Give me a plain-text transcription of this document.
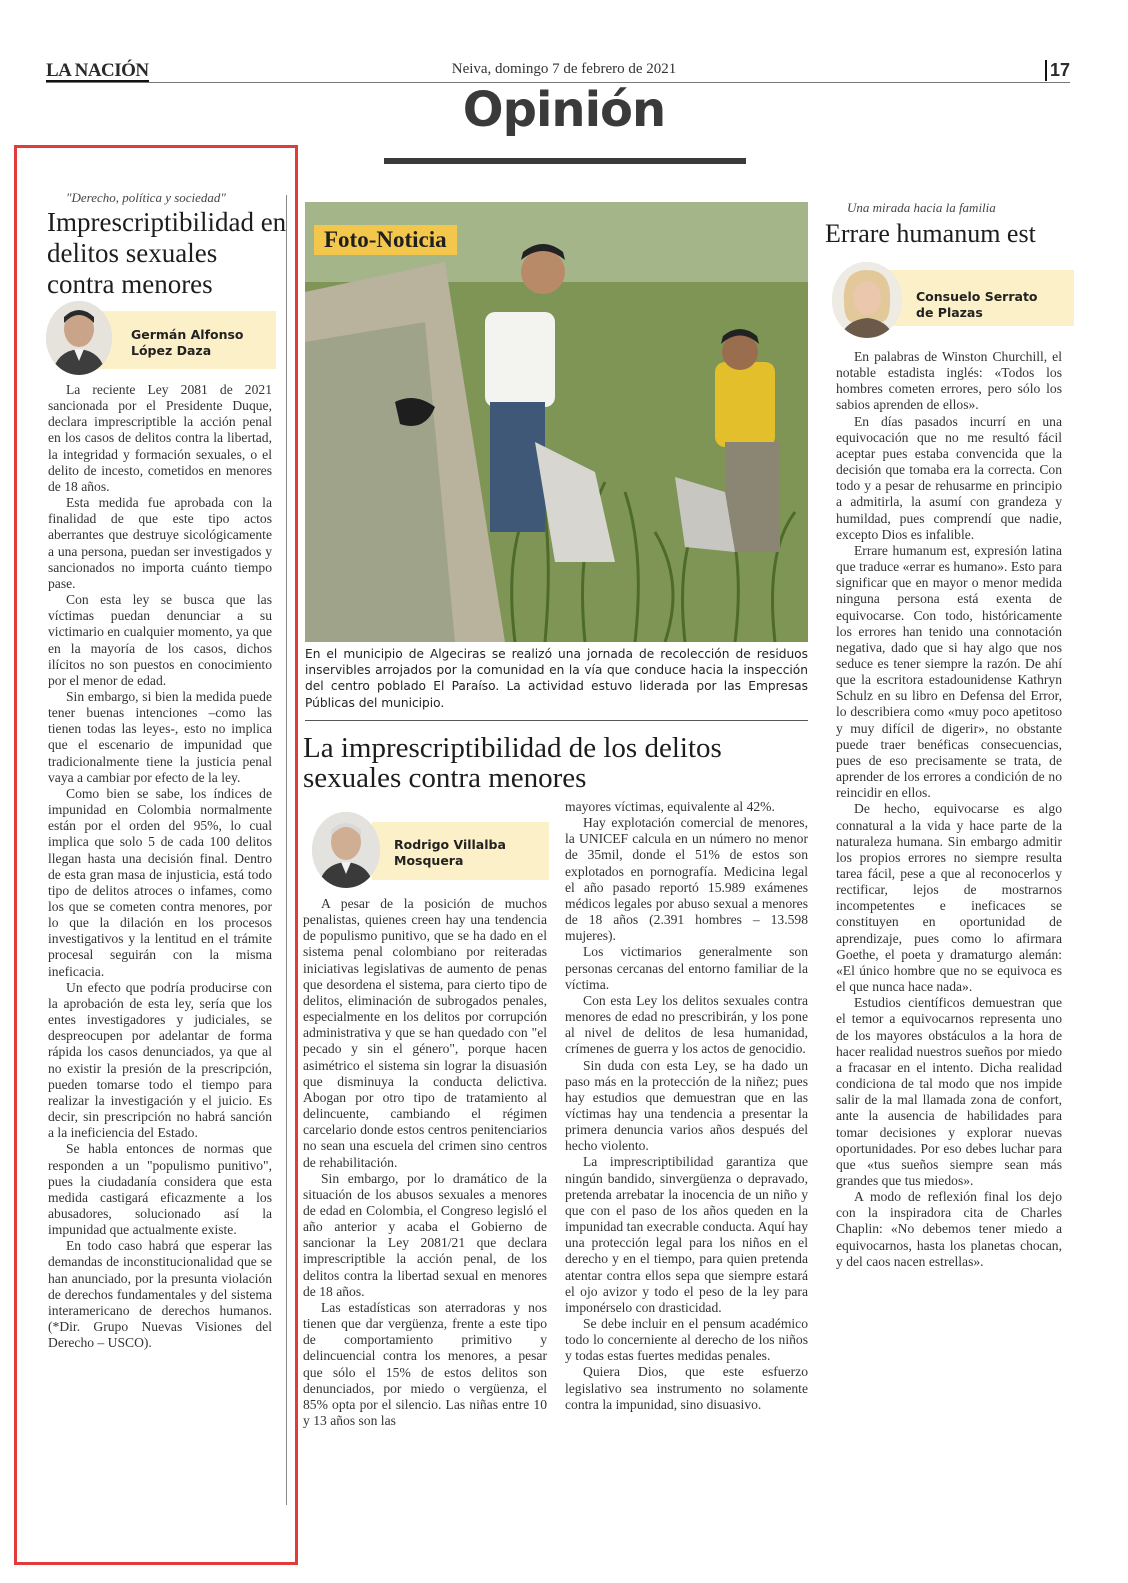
LA NACIÓN	Neiva, domingo 7 de febrero de 2021	17
Opinión
"Derecho, política y sociedad"
Imprescriptibilidad en delitos sexuales contra menores
Germán Alfonso
López Daza

La reciente Ley 2081 de 2021 sancionada por el Presidente Duque, declara imprescriptible la acción penal en los casos de delitos contra la libertad, la integridad y formación sexuales, o el delito de incesto, cometidos en menores de 18 años.

Esta medida fue aprobada con la finalidad de que este tipo actos aberrantes que destruye sicológicamente a una persona, puedan ser investigados y sancionados no importa cuánto tiempo pase.

Con esta ley se busca que las víctimas puedan denunciar a su victimario en cualquier momento, ya que en la mayoría de los casos, dichos ilícitos no son puestos en conocimiento por el menor de edad.

Sin embargo, si bien la medida puede tener buenas intenciones –como las tienen todas las leyes-, esto no implica que el escenario de impunidad que tradicionalmente tiene la justicia penal vaya a cambiar por efecto de la ley.

Como bien se sabe, los índices de impunidad en Colombia normalmente están por el orden del 95%, lo cual implica que solo 5 de cada 100 delitos llegan hasta una decisión final. Dentro de esta gran masa de injusticia, está todo tipo de delitos atroces o infames, como los que se cometen contra menores, por lo que la dilación en los procesos investigativos y la lentitud en el trámite procesal seguirán con la misma ineficacia.

Un efecto que podría producirse con la aprobación de esta ley, sería que los entes investigadores y judiciales, se despreocupen por adelantar de forma rápida los casos denunciados, ya que al no existir la presión de la prescripción, pueden tomarse todo el tiempo para realizar la investigación y el juicio. Es decir, sin prescripción no habrá sanción a la ineficiencia del Estado.

Se habla entonces de normas que responden a un "populismo punitivo", pues la ciudadanía considera que esta medida castigará eficazmente a los abusadores, solucionado así la impunidad que actualmente existe.

En todo caso habrá que esperar las demandas de inconstitucionalidad que se han anunciado, por la presunta violación de derechos fundamentales y del sistema interamericano de derechos humanos. (*Dir. Grupo Nuevas Visiones del Derecho – USCO).

Foto-Noticia
En el municipio de Algeciras se realizó una jornada de recolección de residuos inservibles arrojados por la comunidad en la vía que conduce hacia la inspección del centro poblado El Paraíso. La actividad estuvo liderada por las Empresas Públicas del municipio.
La imprescriptibilidad de los delitos sexuales contra menores
Rodrigo Villalba
Mosquera

A pesar de la posición de muchos penalistas, quienes creen hay una tendencia de populismo punitivo, que se ha dado en el sistema penal colombiano por reiteradas iniciativas legislativas de aumento de penas que desordena el sistema, para cierto tipo de delitos, eliminación de subrogados penales, especialmente en los delitos por corrupción administrativa y que se han quedado con "el pecado y sin el género", porque hacen asimétrico el sistema sin lograr la disuasión que disminuya la conducta delictiva. Abogan por otro tipo de tratamiento al delincuente, cambiando el régimen carcelario donde estos centros penitenciarios no sean una escuela del crimen sino centros de rehabilitación.

Sin embargo, por lo dramático de la situación de los abusos sexuales a menores de edad en Colombia, el Congreso legisló el año anterior y acaba el Gobierno de sancionar la Ley 2081/21 que declara imprescriptible la acción penal, de los delitos contra la libertad sexual en menores de 18 años.

Las estadísticas son aterradoras y nos tienen que dar vergüenza, frente a este tipo de comportamiento primitivo y delincuencial contra los menores, a pesar que sólo el 15% de estos delitos son denunciados, por miedo o vergüenza, el 85% opta por el silencio. Las niñas entre 10 y 13 años son las

mayores víctimas, equivalente al 42%.

Hay explotación comercial de menores, la UNICEF calcula en un número no menor de 35mil, donde el 51% de estos son explotados en pornografía. Medicina legal el año pasado reportó 15.989 exámenes médicos legales por abuso sexual a menores de 18 años (2.391 hombres – 13.598 mujeres).

Los victimarios generalmente son personas cercanas del entorno familiar de la víctima.

Con esta Ley los delitos sexuales contra menores de edad no prescribirán, y los pone al nivel de delitos de lesa humanidad, crímenes de guerra y los actos de genocidio.

Sin duda con esta Ley, se ha dado un paso más en la protección de la niñez; pues hay estudios que demuestran que en las víctimas hay una tendencia a presentar la primera denuncia varios años después del hecho violento.

La imprescriptibilidad garantiza que ningún bandido, sinvergüenza o depravado, pretenda arrebatar la inocencia de un niño y que con el paso de los años queden en la impunidad tan execrable conducta. Aquí hay una protección legal para los niños en el derecho y en el tiempo, para quien pretenda atentar contra ellos sepa que siempre estará el ojo avizor y todo el peso de la ley para imponérselo con drasticidad.

Se debe incluir en el pensum académico todo lo concerniente al derecho de los niños y todas estas fuertes medidas penales.

Quiera Dios, que este esfuerzo legislativo sea instrumento no solamente contra la impunidad, sino disuasivo.

Una mirada hacia la familia
Errare humanum est
Consuelo Serrato
de Plazas

En palabras de Winston Churchill, el notable estadista inglés: «Todos los hombres cometen errores, pero sólo los sabios aprenden de ellos».

En días pasados incurrí en una equivocación que no me resultó fácil aceptar pues estaba convencida que la decisión que tomaba era la correcta. Con todo y a pesar de rehusarme en principio a admitirla, la asumí con grandeza y humildad, pues comprendí que nadie, excepto Dios es infalible.

Errare humanum est, expresión latina que traduce «errar es humano». Esto para significar que en mayor o menor medida ninguna persona está exenta de equivocarse. Con todo, históricamente los errores han tenido una connotación negativa, dado que si hay algo que nos seduce es tener siempre la razón. De ahí que la escritora estadounidense Kathryn Schulz en su libro en Defensa del Error, lo describiera como «muy poco apetitoso y muy difícil de digerir», no obstante puede traer benéficas consecuencias, pues de eso precisamente se trata, de aprender de los errores a condición de no reincidir en ellos.

De hecho, equivocarse es algo connatural a la vida y hace parte de la naturaleza humana. Sin embargo admitir los propios errores no siempre resulta tarea fácil, pese a que al reconocerlos y rectificar, lejos de mostrarnos incompetentes e ineficaces se constituyen en oportunidad de aprendizaje, pues como lo afirmara Goethe, el poeta y dramaturgo alemán: «El único hombre que no se equivoca es el que nunca hace nada».

Estudios científicos demuestran que el temor a equivocarnos representa uno de los mayores obstáculos a la hora de hacer realidad nuestros sueños por miedo a fracasar en el intento. Dicha realidad condiciona de tal modo que nos impide salir de la mal llamada zona de confort, ante la ausencia de habilidades para tomar decisiones y explorar nuevas oportunidades. Por eso debes luchar para que «tus sueños siempre sean más grandes que tus miedos».

A modo de reflexión final los dejo con la inspiradora cita de Charles Chaplin: «No debemos tener miedo a equivocarnos, hasta los planetas chocan, y del caos nacen estrellas».
